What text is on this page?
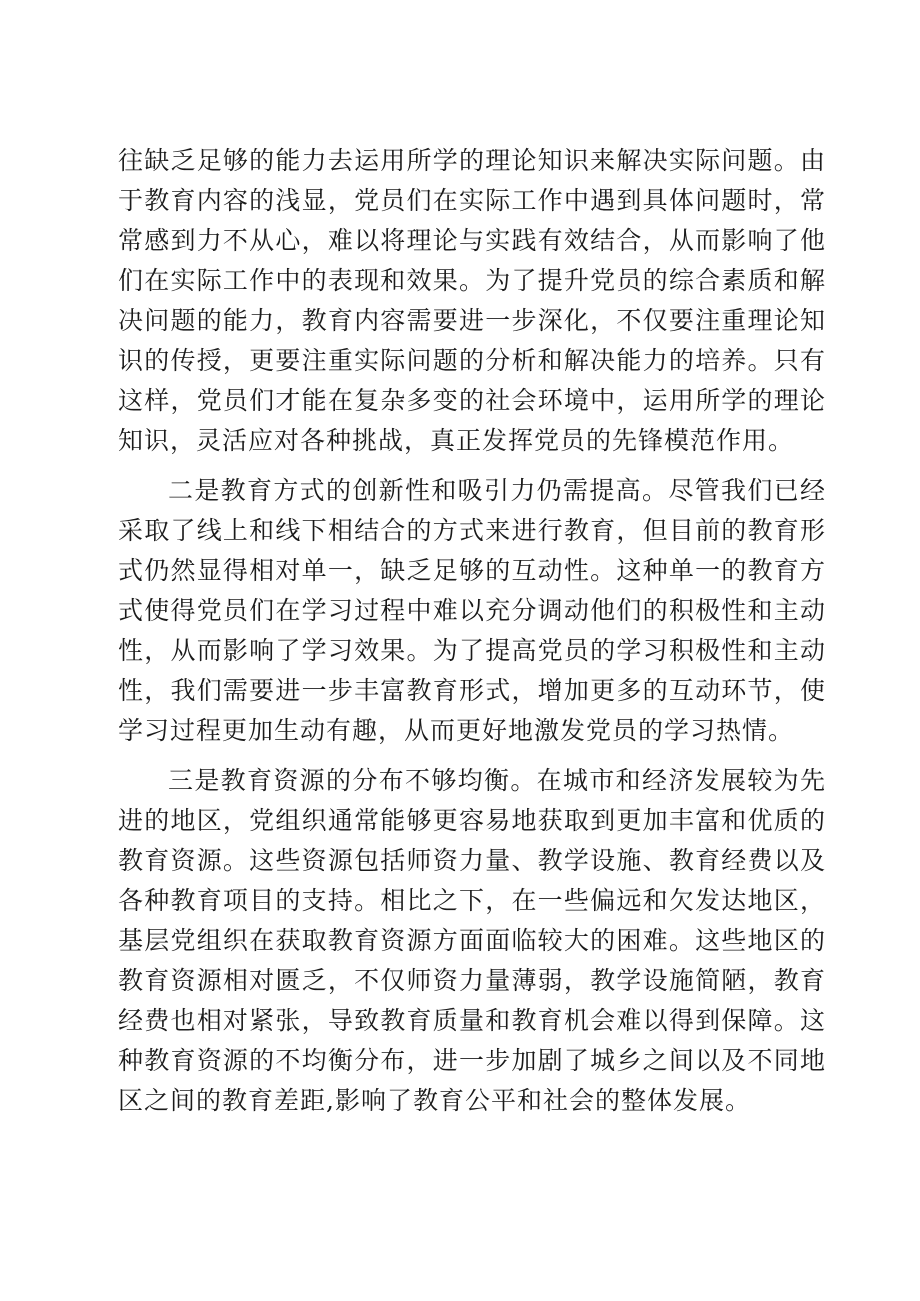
往缺乏足够的能力去运用所学的理论知识来解决实际问题。由于教育内容的浅显，党员们在实际工作中遇到具体问题时，常常感到力不从心，难以将理论与实践有效结合，从而影响了他们在实际工作中的表现和效果。为了提升党员的综合素质和解决问题的能力，教育内容需要进一步深化，不仅要注重理论知识的传授，更要注重实际问题的分析和解决能力的培养。只有这样，党员们才能在复杂多变的社会环境中，运用所学的理论知识，灵活应对各种挑战，真正发挥党员的先锋模范作用。

二是教育方式的创新性和吸引力仍需提高。尽管我们已经采取了线上和线下相结合的方式来进行教育，但目前的教育形式仍然显得相对单一，缺乏足够的互动性。这种单一的教育方式使得党员们在学习过程中难以充分调动他们的积极性和主动性，从而影响了学习效果。为了提高党员的学习积极性和主动性，我们需要进一步丰富教育形式，增加更多的互动环节，使学习过程更加生动有趣，从而更好地激发党员的学习热情。

三是教育资源的分布不够均衡。在城市和经济发展较为先进的地区，党组织通常能够更容易地获取到更加丰富和优质的教育资源。这些资源包括师资力量、教学设施、教育经费以及各种教育项目的支持。相比之下，在一些偏远和欠发达地区，基层党组织在获取教育资源方面面临较大的困难。这些地区的教育资源相对匮乏，不仅师资力量薄弱，教学设施简陋，教育经费也相对紧张，导致教育质量和教育机会难以得到保障。这种教育资源的不均衡分布，进一步加剧了城乡之间以及不同地区之间的教育差距,影响了教育公平和社会的整体发展。
